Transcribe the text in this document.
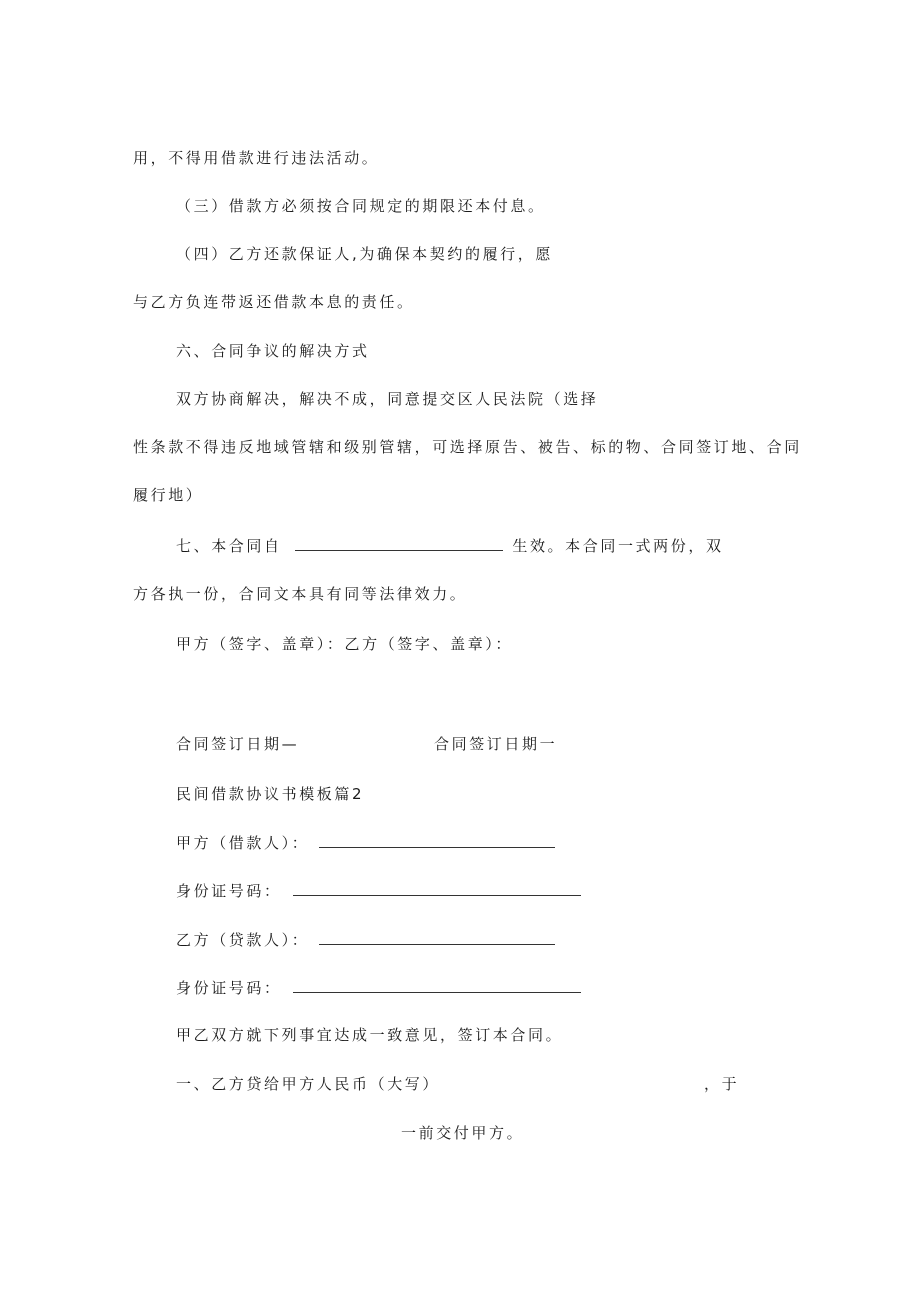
用，不得用借款进行违法活动。
（三）借款方必须按合同规定的期限还本付息。
（四）乙方还款保证人,为确保本契约的履行，愿
与乙方负连带返还借款本息的责任。
六、合同争议的解决方式
双方协商解决，解决不成，同意提交区人民法院（选择
性条款不得违反地域管辖和级别管辖，可选择原告、被告、标的物、合同签订地、合同
履行地）
七、本合同自	生效。本合同一式两份，双
方各执一份，合同文本具有同等法律效力。
甲方（签字、盖章）：乙方（签字、盖章）：
合同签订日期—	合同签订日期一
民间借款协议书模板篇2
甲方（借款人）：
身份证号码：
乙方（贷款人）：
身份证号码：
甲乙双方就下列事宜达成一致意见，签订本合同。
一、乙方贷给甲方人民币（大写）	，于
一前交付甲方。
